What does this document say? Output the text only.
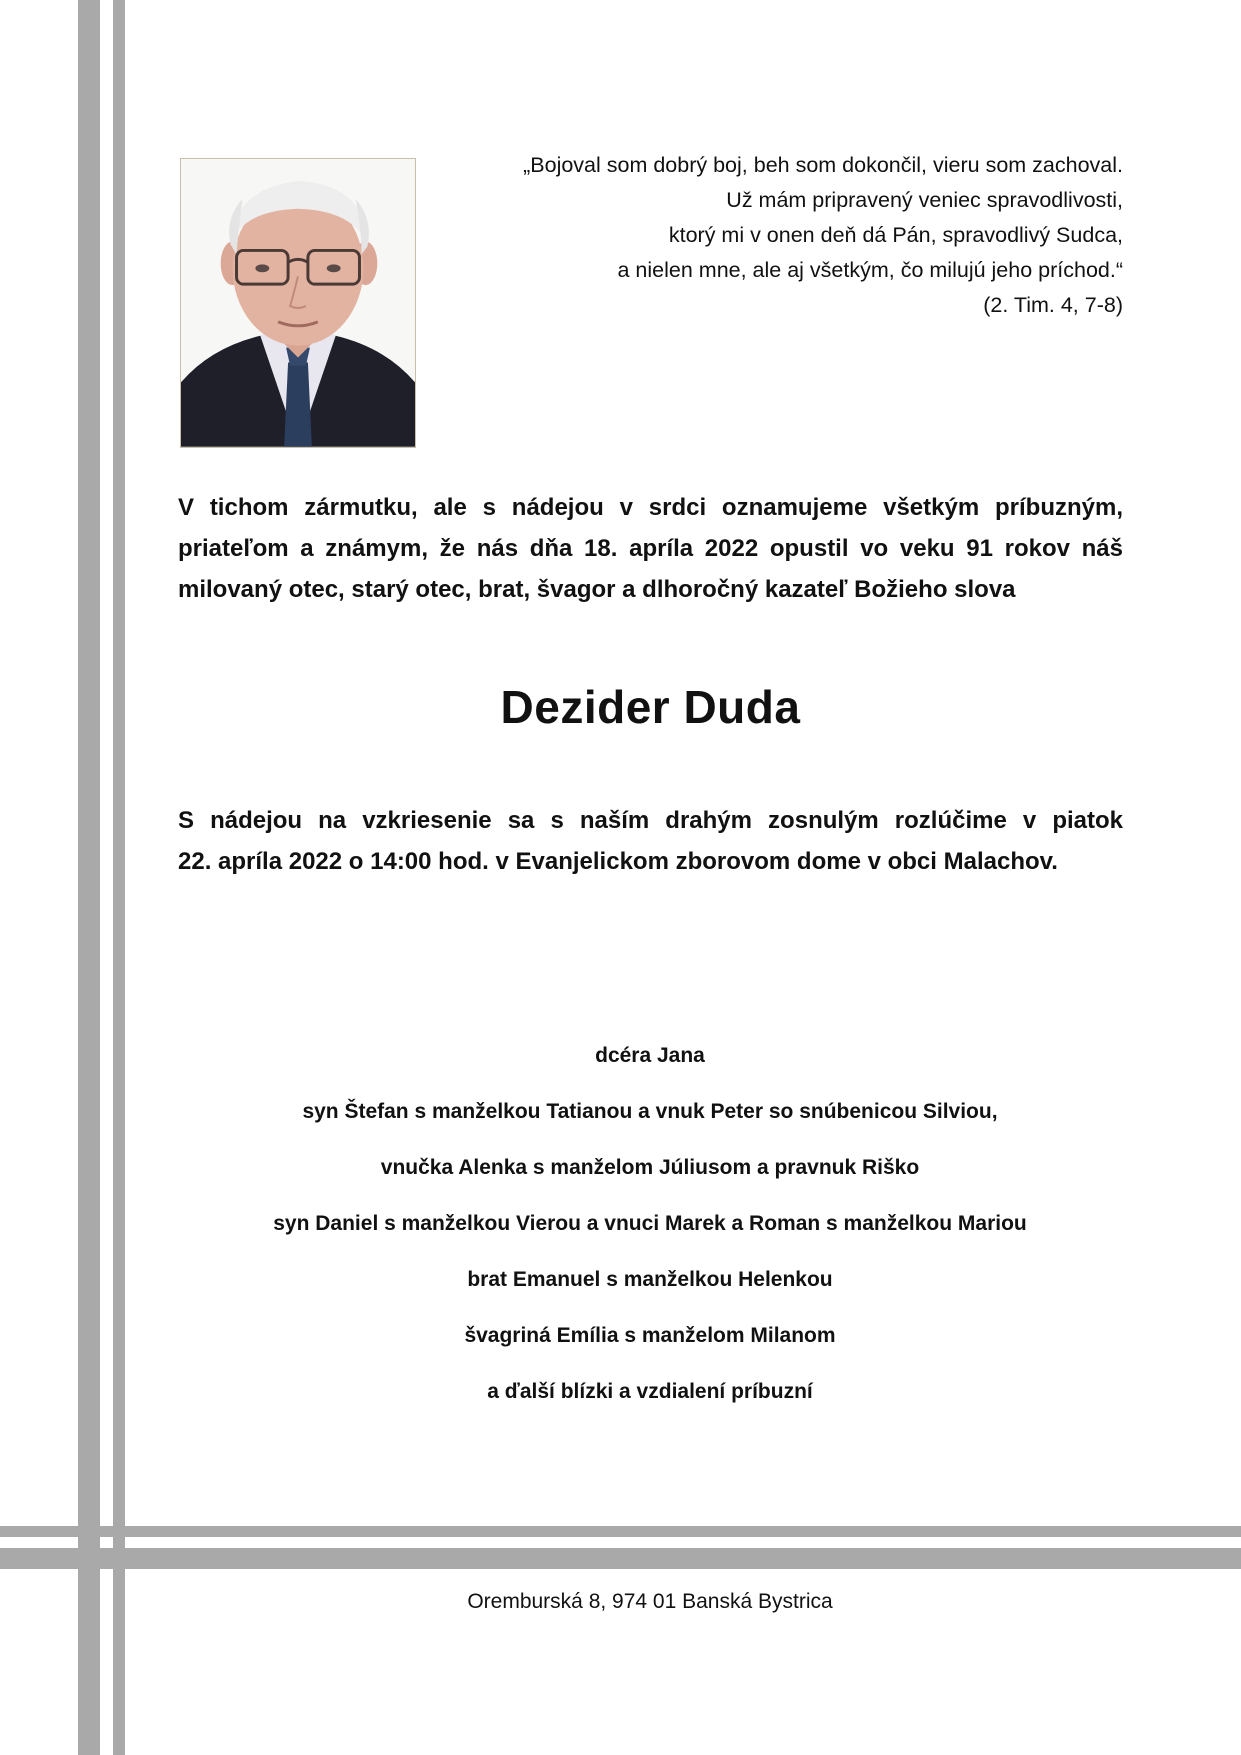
„Bojoval som dobrý boj, beh som dokončil, vieru som zachoval.
Už mám pripravený veniec spravodlivosti,
ktorý mi v onen deň dá Pán, spravodlivý Sudca,
a nielen mne, ale aj všetkým, čo milujú jeho príchod.“
(2. Tim. 4, 7-8)
V tichom zármutku, ale s nádejou v srdci oznamujeme všetkým príbuzným,
priateľom a známym, že nás dňa 18. apríla 2022 opustil vo veku 91 rokov náš
milovaný otec, starý otec, brat, švagor a dlhoročný kazateľ Božieho slova
Dezider Duda
S nádejou na vzkriesenie sa s naším drahým zosnulým rozlúčime v piatok
22. apríla 2022 o 14:00 hod. v Evanjelickom zborovom dome v obci Malachov.
dcéra Jana
syn Štefan s manželkou Tatianou a vnuk Peter so snúbenicou Silviou,
vnučka Alenka s manželom Júliusom a pravnuk Riško
syn Daniel s manželkou Vierou a vnuci Marek a Roman s manželkou Mariou
brat Emanuel s manželkou Helenkou
švagriná Emília s manželom Milanom
a ďalší blízki a vzdialení príbuzní
Oremburská 8, 974 01 Banská Bystrica
